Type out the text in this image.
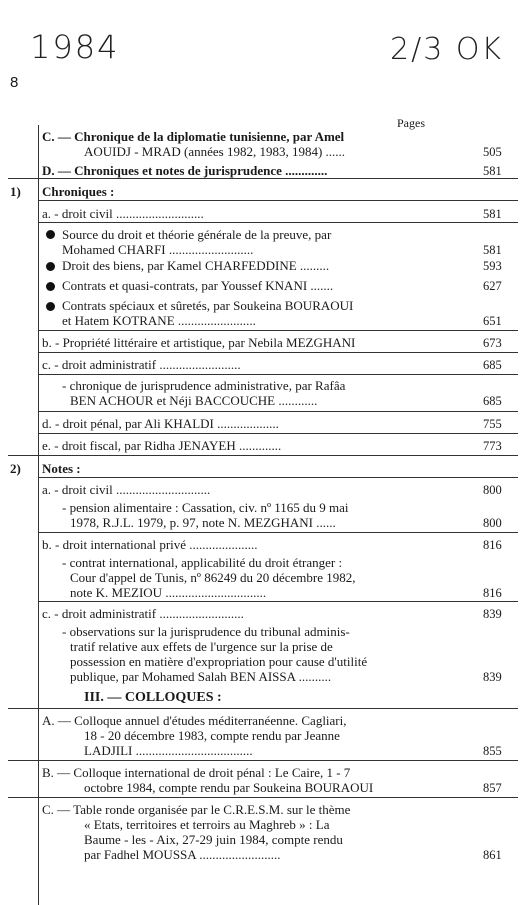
1984	2/3 OK
8
Pages
C. — Chronique de la diplomatie tunisienne, par Amel
AOUIDJ - MRAD (années 1982, 1983, 1984) ......	505
D. — Chroniques et notes de jurisprudence .............	581
1) Chroniques :
a. - droit civil ...........................	581
Source du droit et théorie générale de la preuve, par
Mohamed CHARFI ..........................	581
Droit des biens, par Kamel CHARFEDDINE .........	593
Contrats et quasi-contrats, par Youssef KNANI .......	627
Contrats spéciaux et sûretés, par Soukeina BOURAOUI
et Hatem KOTRANE ........................	651
b. - Propriété littéraire et artistique, par Nebila MEZGHANI	673
c. - droit administratif .........................	685
- chronique de jurisprudence administrative, par Rafâa
BEN ACHOUR et Néji BACCOUCHE ............	685
d. - droit pénal, par Ali KHALDI ...................	755
e. - droit fiscal, par Ridha JENAYEH .............	773
2) Notes :
a. - droit civil .............................	800
- pension alimentaire : Cassation, civ. nº 1165 du 9 mai
1978, R.J.L. 1979, p. 97, note N. MEZGHANI ......	800
b. - droit international privé .....................	816
- contrat international, applicabilité du droit étranger :
Cour d'appel de Tunis, nº 86249 du 20 décembre 1982,
note K. MEZIOU ...............................	816
c. - droit administratif ..........................	839
- observations sur la jurisprudence du tribunal adminis-
tratif relative aux effets de l'urgence sur la prise de
possession en matière d'expropriation pour cause d'utilité
publique, par Mohamed Salah BEN AISSA ..........	839
III. — COLLOQUES :
A. — Colloque annuel d'études méditerranéenne. Cagliari,
18 - 20 décembre 1983, compte rendu par Jeanne
LADJILI ....................................	855
B. — Colloque international de droit pénal : Le Caire, 1 - 7
octobre 1984, compte rendu par Soukeina BOURAOUI	857
C. — Table ronde organisée par le C.R.E.S.M. sur le thème
« Etats, territoires et terroirs au Maghreb » : La
Baume - les - Aix, 27-29 juin 1984, compte rendu
par Fadhel MOUSSA .........................	861
